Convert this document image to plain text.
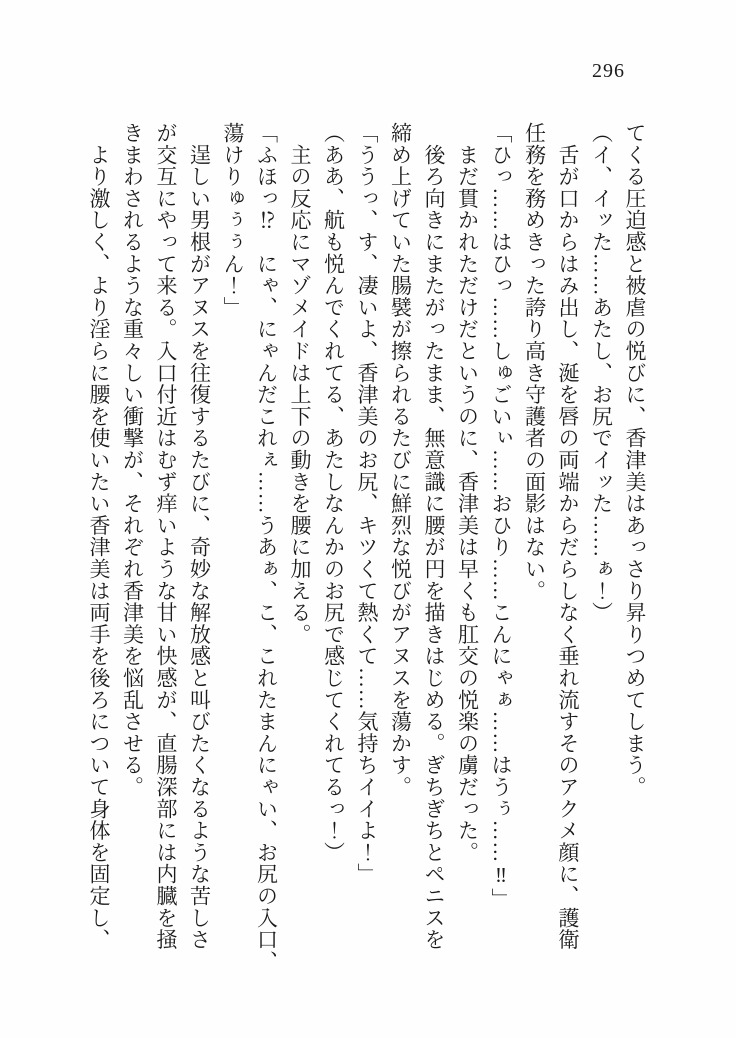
296

てくる圧迫感と被虐の悦びに、香津美はあっさり昇りつめてしまう。

（イ、イッた……あたし、お尻でイッた……ぁ！）

　舌が口からはみ出し、涎を唇の両端からだらしなく垂れ流すそのアクメ顔に、護衛

任務を務めきった誇り高き守護者の面影はない。

「ひっ……はひっ……しゅごいぃ……おひり……こんにゃぁ……はうぅ……‼」

　まだ貫かれただけだというのに、香津美は早くも肛交の悦楽の虜だった。

　後ろ向きにまたがったまま、無意識に腰が円を描きはじめる。ぎちぎちとペニスを

締め上げていた腸襞が擦られるたびに鮮烈な悦びがアヌスを蕩かす。

「ううっ、す、凄いよ、香津美のお尻、キツくて熱くて……気持ちイイよ！」

（ああ、航も悦んでくれてる、あたしなんかのお尻で感じてくれてるっ！）

　主の反応にマゾメイドは上下の動きを腰に加える。

「ふほっ⁉　にゃ、にゃんだこれぇ……うあぁ、こ、これたまんにゃい、お尻の入口、

蕩けりゅぅぅん！」

　逞しい男根がアヌスを往復するたびに、奇妙な解放感と叫びたくなるような苦しさ

が交互にやって来る。入口付近はむず痒いような甘い快感が、直腸深部には内臓を掻

きまわされるような重々しい衝撃が、それぞれ香津美を悩乱させる。

　より激しく、より淫らに腰を使いたい香津美は両手を後ろについて身体を固定し、
